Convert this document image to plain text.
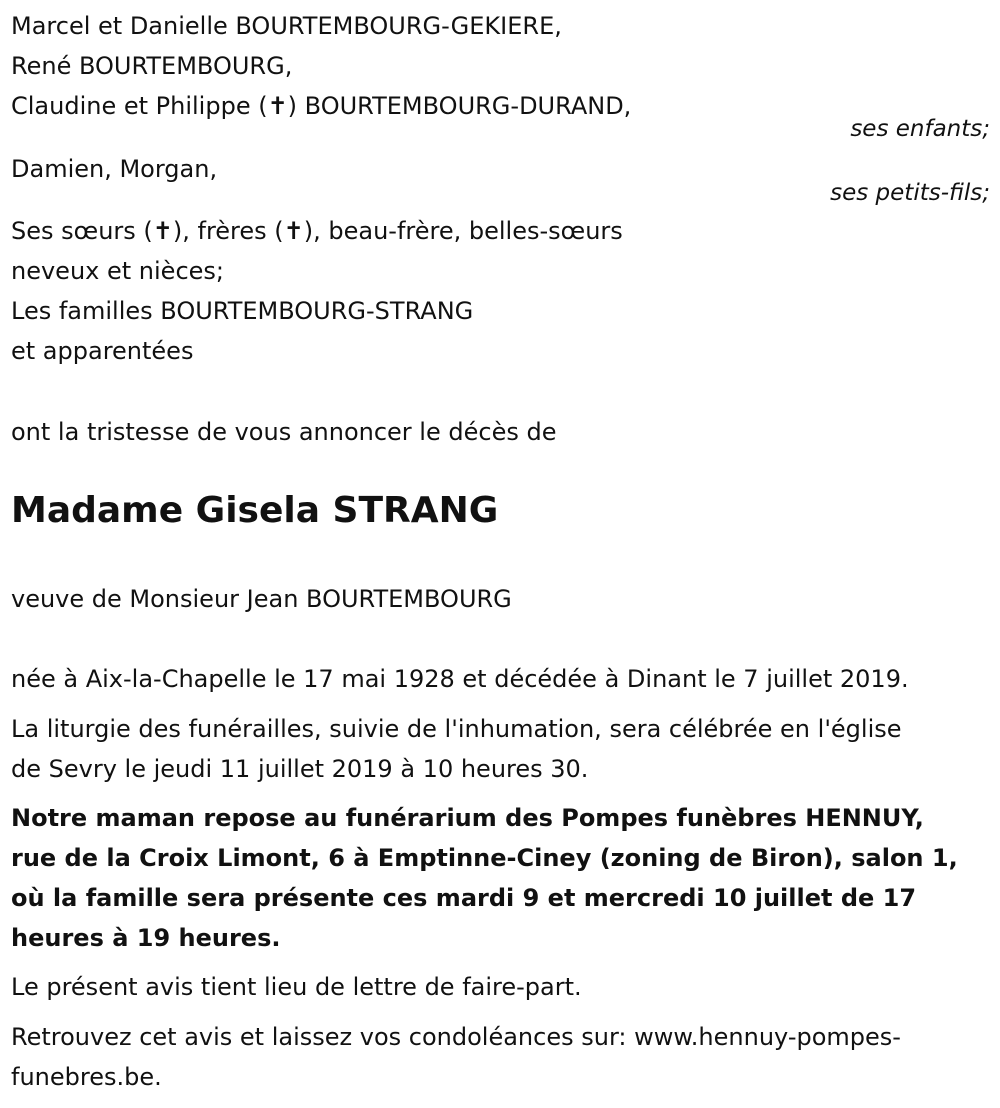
Marcel et Danielle BOURTEMBOURG-GEKIERE,
René BOURTEMBOURG,
Claudine et Philippe (✝) BOURTEMBOURG-DURAND,
ses enfants;
Damien, Morgan,
ses petits-fils;
Ses sœurs (✝), frères (✝), beau-frère, belles-sœurs
neveux et nièces;
Les familles BOURTEMBOURG-STRANG
et apparentées
ont la tristesse de vous annoncer le décès de
Madame Gisela STRANG
veuve de Monsieur Jean BOURTEMBOURG
née à Aix-la-Chapelle le 17 mai 1928 et décédée à Dinant le 7 juillet 2019.
La liturgie des funérailles, suivie de l'inhumation, sera célébrée en l'église
de Sevry le jeudi 11 juillet 2019 à 10 heures 30.
Notre maman repose au funérarium des Pompes funèbres HENNUY,
rue de la Croix Limont, 6 à Emptinne-Ciney (zoning de Biron), salon 1,
où la famille sera présente ces mardi 9 et mercredi 10 juillet de 17
heures à 19 heures.
Le présent avis tient lieu de lettre de faire-part.
Retrouvez cet avis et laissez vos condoléances sur: www.hennuy-pompes-
funebres.be.
